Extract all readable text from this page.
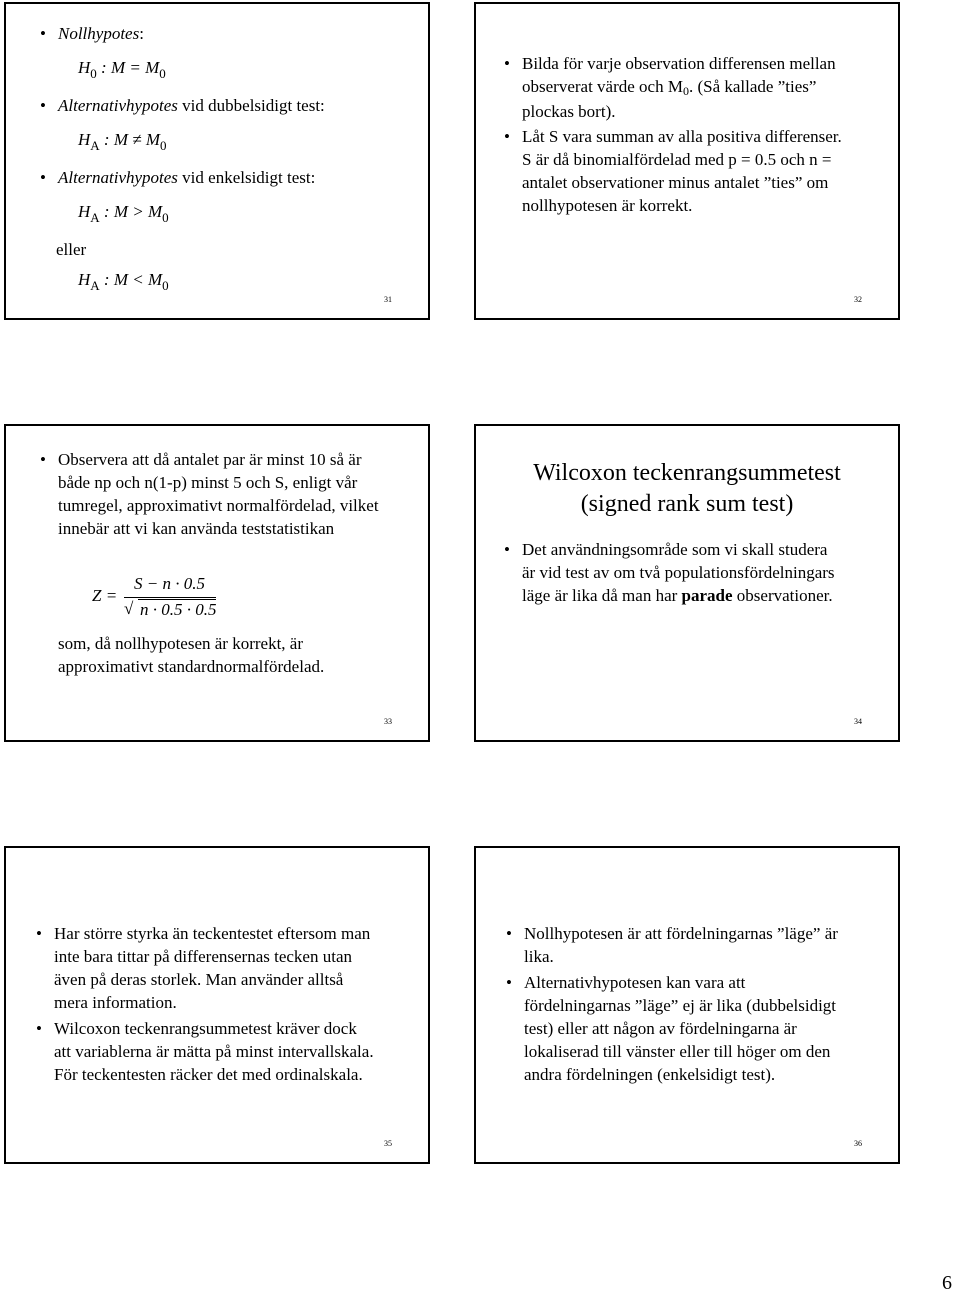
• Nollhypotes:
$H_0$ : $M = M_0$
• Alternativhypotes vid dubbelsidigt test:
$H_A$ : $M \ne M_0$
• Alternativhypotes vid enkelsidigt test:
$H_A$ : $M > M_0$
eller
$H_A$ : $M < M_0$
31
• Bilda för varje observation differensen mellan observerat värde och M0. (Så kallade ”ties” plockas bort).
• Låt S vara summan av alla positiva differenser. S är då binomialfördelad med p = 0.5 och n = antalet observationer minus antalet ”ties” om nollhypotesen är korrekt.
32
• Observera att då antalet par är minst 10 så är både np och n(1-p) minst 5 och S, enligt vår tumregel, approximativt normalfördelad, vilket innebär att vi kan använda teststatistikan
Z =
S − n · 0.5
√ n · 0.5 · 0.5
som, då nollhypotesen är korrekt, är approximativt standardnormalfördelad.
33
Wilcoxon teckenrangsummetest
(signed rank sum test)
• Det användningsområde som vi skall studera är vid test av om två populationsfördelningars läge är lika då man har parade observationer.
34
• Har större styrka än teckentestet eftersom man inte bara tittar på differensernas tecken utan även på deras storlek. Man använder alltså mera information.
• Wilcoxon teckenrangsummetest kräver dock att variablerna är mätta på minst intervallskala. För teckentesten räcker det med ordinalskala.
35
• Nollhypotesen är att fördelningarnas ”läge” är lika.
• Alternativhypotesen kan vara att fördelningarnas ”läge” ej är lika (dubbelsidigt test) eller att någon av fördelningarna är lokaliserad till vänster eller till höger om den andra fördelningen (enkelsidigt test).
36
6
